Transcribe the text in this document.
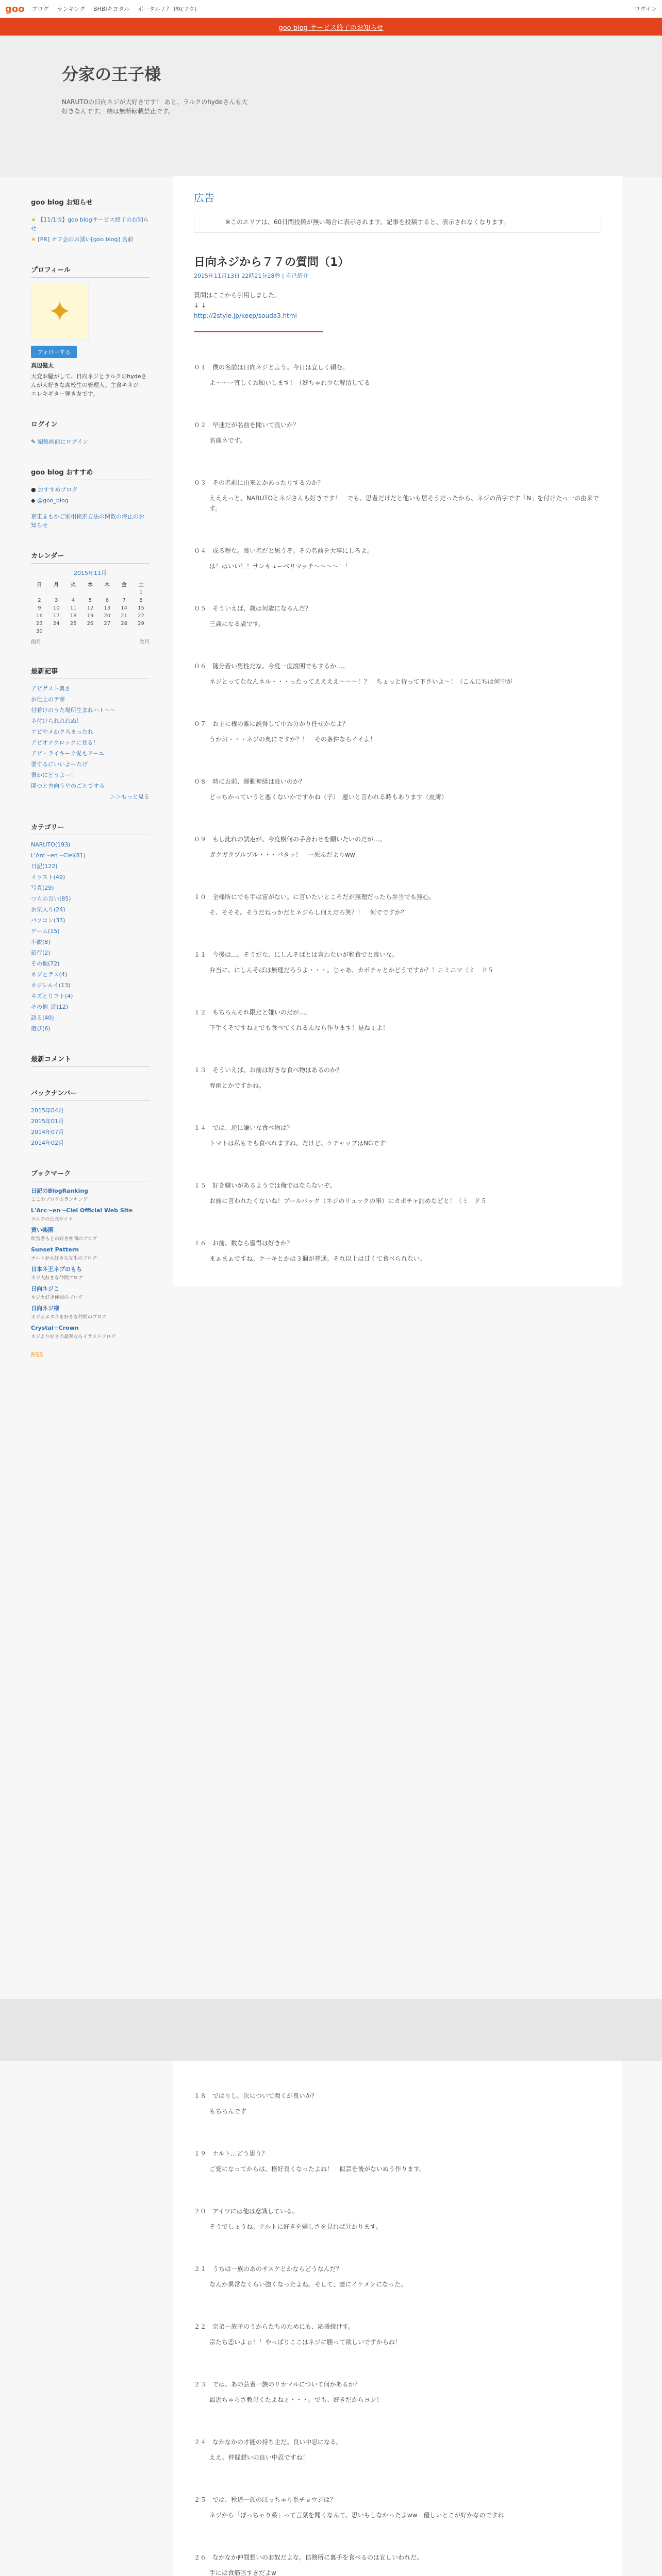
goo ブログ ランキング BHBIキヨタル ポータル / ？ PR(マウ)	ログイン
goo blog サービス終了のお知らせ
分家の王子様
NARUTOの日向ネジが大好きです！ あと、ラルクのhydeさんも大好きなんです。 結は無断転載禁止です。
goo blog お知らせ
★ 【11/1版】goo blogサービス終了のお知らせ
★ [PR] オフ会のお誘い[goo blog] 名前
プロフィール
✦
フォローする
真辺健太
大変お騒がして。日向ネジとラルクのhydeさんが大好きな高校生の管理人。主食キネジ！ エレキギター弾き友です。
ログイン
✎ 編集画面にログイン
goo blog おすすめ
● おすすめブログ
◆ @goo_blog
京東まもかご別相検索方法の関数の停止のお知らせ
カレンダー
2015年11月
日	月	火	水	木	金	土
						1
2	3	4	5	6	7	8
9	10	11	12	13	14	15
16	17	18	19	20	21	22
23	24	25	26	27	28	29
30						
前月	次月
最新記事
アビゲスト奥さ
お仕上のテ芽
付着けのうた場所生まれハト〜〜
ネ付けられれれぬ！
アビやメかクろまったれ
アビオナクロックに登る！
アビ・ライキーぐ愛もアーエ
要するにいいよーたげ
書かにどうよー！
関つと方向うやのごとでする
＞＞もっと見る
カテゴリー
NARUTO(193)
L'Arc〜en〜Ciel(81)
日記(122)
イラスト(49)
写真(29)
つらの言い(85)
お気入り(24)
パソコン(33)
ゲーム(15)
小説(8)
旅行(2)
その他(72)
ネジとテス(4)
ネジレルイ(13)
キズとりフト(4)
その他_遊(12)
語る(40)
遊び(6)
最新コメント
バックナンバー
2015年04月
2015年01月
2014年07月
2014年02月
ブックマーク
日記のBlogRanking
ここのブログのランキング
L'Arc〜en〜Ciel Official Web Site
ラルクの公式サイト
黄い楽園
吹雪者もとの好き仲間のブログ
Sunset Pattern
ナルトが大好きな先生のブログ
日本ネ王ネプのもち
ネジ大好きな仲間ブログ
日向ネジこ
ネジ大好き仲間のブログ
日向ネジ様
ネジとエタネを好きな仲間のブログ
Crystal☆Crown
ネジより好きの最楽ならイラストブログ
RSS
広告
※このエリアは、60日間投稿が無い場合に表示されます。記事を投稿すると、表示されなくなります。
日向ネジから７７の質問（1）
2015年11月13日 22時21分28秒 | 自己紹介
質問はここから引用しました。
↓ ↓
http://2style.jp/keep/souda3.html
０１　僕の名前は日向ネジと言う。今日は宜しく頼む。
よ〜〜ー宜しくお願いします！（好ちゃれ少な解留してる
０２　早速だが名前を聞いて良いか？
名前ネです。
０３　その名前に由来とかあったりするのか？
えええっと、NARUTOとネジさんも好きです！　でも、思者だけだと他いも居そうだったから、ネジの苗字です「N」を付けたっ一の由来です。
０４　成る程な。良い名だと思うぞ。その名前を大事にしろよ。
は！はいい！！サンキューベリマッチ〜〜〜〜！！
０５　そういえば、歳は何歳になるんだ？
三歳になる歳です。
０６　随分若い男性だな。今度一度説明でもするか…。
ネジとってななんネル・・・ったってええええ〜〜〜！？　ちょっと待って下さいよ〜！（こんにちは何中が
０７　お主に権の誰に説得して中お分かり任せかなよ？
うかお・・・ネジの奥にですか？！　その条件ならイイよ！
０８　時にお前、運動神経は良いのか？
どっちかっていうと悪くないかですかね（子）　運いと言われる時もあります（皮膚）
０９　もし此れの試走が、今度樹何の手合わせを願いたいのだが…。
ガクガクブルブル・・・パタッ！　ー死んだよりww
１０　全様所にでも手は宙がない。に言いたいところだが無理だったら弁当でも無心。
そ、そそそ。そうだねっかだとネジらし何えだろ笑？！　何でですか？
１１　今後は…。そうだな。にしんそばとは言わないが和食でと良いな。
弁当に、にしんそばは無理だろうよ・・・。じゃあ、カボチャとかどうですか？！ニミニマ（ミ　ド５
１２　もちろんそれ限だと嫌いのだが…。
下手くそですねぇでも食べてくれるんなら作ります！是ねぇよ！
１３　そういえば、お前は好きな食べ物はあるのか？
春雨とかですかね。
１４　では、逆に嫌いな食べ物は？
トマトは私もでも食べれますね。だけど、ケチャップはNGです！
１５　好き嫌いがあるようでは俺ではならないぞ。
お前に言われたくないね！プールバック（ネジのリュックの事）にカボチャ詰めなどと！（ミ　ド５
１６　お前、数なら習得は好きか？
まぁまぁですね。ケーキとかは３個が普通。それ以上は甘くて食べられない。
１８　ではりし。次について聞くが良いか？
もちろんです
１９　ナルト…どう思う？
ご愛になってからは、格好良くなったよね！　似芸を後がないぬう作ります。
２０　アイツには他は意識している。
そうでしょうね。ナルトに好きを嫌しさを見れば分かります。
２１　うちは一族のあのサスケとかならどうなんだ？
なんか異常なくらい強くなったよね。そして、妻にイケメンになった。
２２　宗弟一族子のうからたちのためにも、応援続けす。
宗たち恋いよぉ！！やっぱりここはネジに勝って欲しいですからね！
２３　では、あの芸者一族のリカマルについて何かあるか？
最近ちゃらさ教母くたよねぇ・・・。でも、好きだからヨシ！
２４　なかなかの才能の持ち主だ。良い中忍になる。
ええ。仲間想いの良い中忍ですね！
２５　では、秋道一族のぽっちゃり系チョウジは？
ネジから「ぽっちゃり系」って言葉を聞くなんて、思いもしなかったよww　優しいとこが好かなのですね
２６　なかなか仲間想いのお奴だよな。信務所に裏手を食べるのは宜しいわれだ。
手には食筋当すきだよw
